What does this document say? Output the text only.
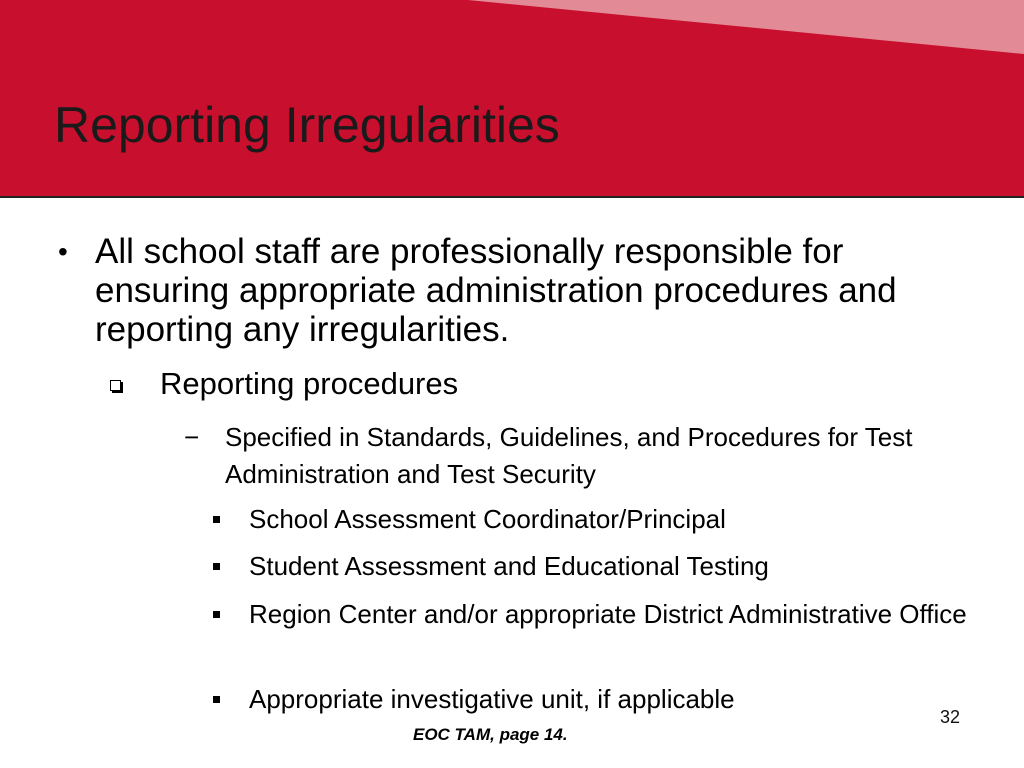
Reporting Irregularities
• All school staff are professionally responsible for ensuring appropriate administration procedures and reporting any irregularities.
Reporting procedures
− Specified in Standards, Guidelines, and Procedures for Test Administration and Test Security
School Assessment Coordinator/Principal
Student Assessment and Educational Testing
Region Center and/or appropriate District Administrative Office
Appropriate investigative unit, if applicable
EOC TAM, page 14.
32
